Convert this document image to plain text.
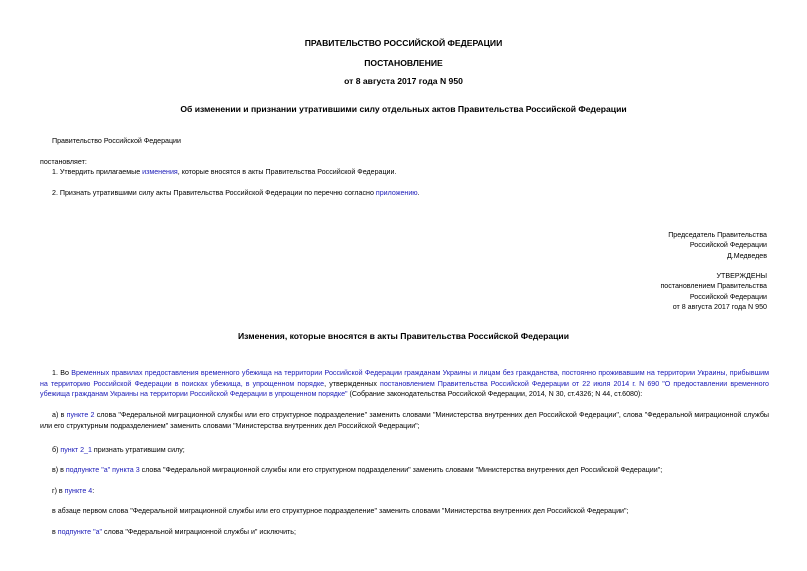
ПРАВИТЕЛЬСТВО РОССИЙСКОЙ ФЕДЕРАЦИИ
ПОСТАНОВЛЕНИЕ
от 8 августа 2017 года N 950
Об изменении и признании утратившими силу отдельных актов Правительства Российской Федерации
Правительство Российской Федерации
постановляет:
1. Утвердить прилагаемые изменения, которые вносятся в акты Правительства Российской Федерации.
2. Признать утратившими силу акты Правительства Российской Федерации по перечню согласно приложению.
Председатель Правительства
Российской Федерации
Д.Медведев
УТВЕРЖДЕНЫ
постановлением Правительства
Российской Федерации
от 8 августа 2017 года N 950
Изменения, которые вносятся в акты Правительства Российской Федерации
1. Во Временных правилах предоставления временного убежища на территории Российской Федерации гражданам Украины и лицам без гражданства, постоянно проживавшим на территории Украины, прибывшим на территорию Российской Федерации в поисках убежища, в упрощенном порядке, утвержденных постановлением Правительства Российской Федерации от 22 июля 2014 г. N 690 "О предоставлении временного убежища гражданам Украины на территории Российской Федерации в упрощенном порядке" (Собрание законодательства Российской Федерации, 2014, N 30, ст.4326; N 44, ст.6080):
а) в пункте 2 слова "Федеральной миграционной службы или его структурное подразделение" заменить словами "Министерства внутренних дел Российской Федерации", слова "Федеральной миграционной службы или его структурным подразделением" заменить словами "Министерства внутренних дел Российской Федерации";
б) пункт 2_1 признать утратившим силу;
в) в подпункте "а" пункта 3 слова "Федеральной миграционной службы или его структурном подразделении" заменить словами "Министерства внутренних дел Российской Федерации";
г) в пункте 4:
в абзаце первом слова "Федеральной миграционной службы или его структурное подразделение" заменить словами "Министерства внутренних дел Российской Федерации";
в подпункте "а" слова "Федеральной миграционной службы и" исключить;
